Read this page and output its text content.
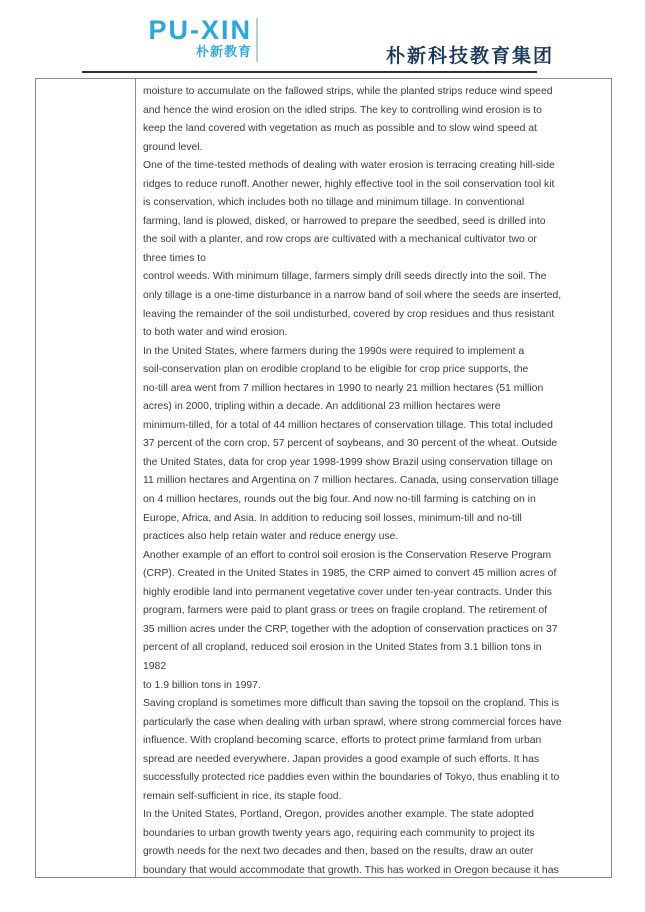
PU-XIN
朴新教育	朴新科技教育集团
moisture to accumulate on the fallowed strips, while the planted strips reduce wind speed
and hence the wind erosion on the idled strips. The key to controlling wind erosion is to
keep the land covered with vegetation as much as possible and to slow wind speed at
ground level.
One of the time-tested methods of dealing with water erosion is terracing creating hill-side
ridges to reduce runoff. Another newer, highly effective tool in the soil conservation tool kit
is conservation, which includes both no tillage and minimum tillage. In conventional
farming, land is plowed, disked, or harrowed to prepare the seedbed, seed is drilled into
the soil with a planter, and row crops are cultivated with a mechanical cultivator two or
three times to
control weeds. With minimum tillage, farmers simply drill seeds directly into the soil. The
only tillage is a one-time disturbance in a narrow band of soil where the seeds are inserted,
leaving the remainder of the soil undisturbed, covered by crop residues and thus resistant
to both water and wind erosion.
In the United States, where farmers during the 1990s were required to implement a
soil-conservation plan on erodible cropland to be eligible for crop price supports, the
no-till area went from 7 million hectares in 1990 to nearly 21 million hectares (51 million
acres) in 2000, tripling within a decade. An additional 23 million hectares were
minimum-tilled, for a total of 44 million hectares of conservation tillage. This total included
37 percent of the corn crop, 57 percent of soybeans, and 30 percent of the wheat. Outside
the United States, data for crop year 1998-1999 show Brazil using conservation tillage on
11 million hectares and Argentina on 7 million hectares. Canada, using conservation tillage
on 4 million hectares, rounds out the big four. And now no-till farming is catching on in
Europe, Africa, and Asia. In addition to reducing soil losses, minimum-till and no-till
practices also help retain water and reduce energy use.
Another example of an effort to control soil erosion is the Conservation Reserve Program
(CRP). Created in the United States in 1985, the CRP aimed to convert 45 million acres of
highly erodible land into permanent vegetative cover under ten-year contracts. Under this
program, farmers were paid to plant grass or trees on fragile cropland. The retirement of
35 million acres under the CRP, together with the adoption of conservation practices on 37
percent of all cropland, reduced soil erosion in the United States from 3.1 billion tons in
1982
to 1.9 billion tons in 1997.
Saving cropland is sometimes more difficult than saving the topsoil on the cropland. This is
particularly the case when dealing with urban sprawl, where strong commercial forces have
influence. With cropland becoming scarce, efforts to protect prime farmland from urban
spread are needed everywhere. Japan provides a good example of such efforts. It has
successfully protected rice paddies even within the boundaries of Tokyo, thus enabling it to
remain self-sufficient in rice, its staple food.
In the United States, Portland, Oregon, provides another example. The state adopted
boundaries to urban growth twenty years ago, requiring each community to project its
growth needs for the next two decades and then, based on the results, draw an outer
boundary that would accommodate that growth. This has worked in Oregon because it has
